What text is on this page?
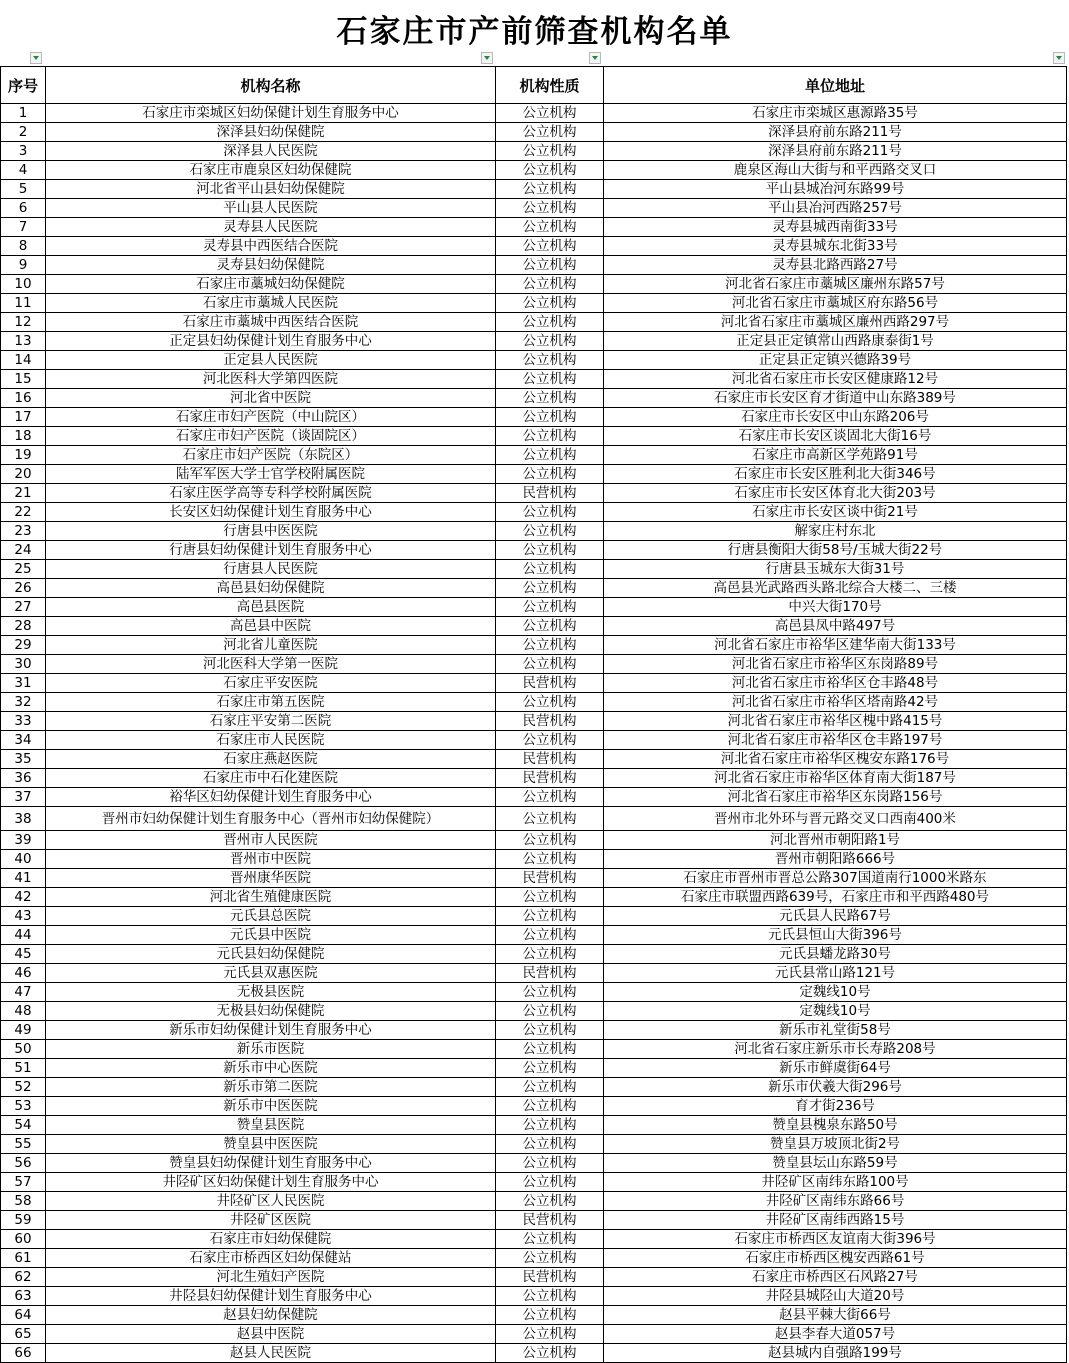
石家庄市产前筛查机构名单
序号	机构名称	机构性质	单位地址
1	石家庄市栾城区妇幼保健计划生育服务中心	公立机构	石家庄市栾城区惠源路35号
2	深泽县妇幼保健院	公立机构	深泽县府前东路211号
3	深泽县人民医院	公立机构	深泽县府前东路211号
4	石家庄市鹿泉区妇幼保健院	公立机构	鹿泉区海山大街与和平西路交叉口
5	河北省平山县妇幼保健院	公立机构	平山县城冶河东路99号
6	平山县人民医院	公立机构	平山县冶河西路257号
7	灵寿县人民医院	公立机构	灵寿县城西南街33号
8	灵寿县中西医结合医院	公立机构	灵寿县城东北街33号
9	灵寿县妇幼保健院	公立机构	灵寿县北路西路27号
10	石家庄市藁城妇幼保健院	公立机构	河北省石家庄市藁城区廉州东路57号
11	石家庄市藁城人民医院	公立机构	河北省石家庄市藁城区府东路56号
12	石家庄市藁城中西医结合医院	公立机构	河北省石家庄市藁城区廉州西路297号
13	正定县妇幼保健计划生育服务中心	公立机构	正定县正定镇常山西路康泰街1号
14	正定县人民医院	公立机构	正定县正定镇兴德路39号
15	河北医科大学第四医院	公立机构	河北省石家庄市长安区健康路12号
16	河北省中医院	公立机构	石家庄市长安区育才街道中山东路389号
17	石家庄市妇产医院（中山院区）	公立机构	石家庄市长安区中山东路206号
18	石家庄市妇产医院（谈固院区）	公立机构	石家庄市长安区谈固北大街16号
19	石家庄市妇产医院（东院区）	公立机构	石家庄市高新区学苑路91号
20	陆军军医大学士官学校附属医院	公立机构	石家庄市长安区胜利北大街346号
21	石家庄医学高等专科学校附属医院	民营机构	石家庄市长安区体育北大街203号
22	长安区妇幼保健计划生育服务中心	公立机构	石家庄市长安区谈中街21号
23	行唐县中医医院	公立机构	解家庄村东北
24	行唐县妇幼保健计划生育服务中心	公立机构	行唐县衡阳大街58号/玉城大街22号
25	行唐县人民医院	公立机构	行唐县玉城东大街31号
26	高邑县妇幼保健院	公立机构	高邑县光武路西头路北综合大楼二、三楼
27	高邑县医院	公立机构	中兴大街170号
28	高邑县中医院	公立机构	高邑县凤中路497号
29	河北省儿童医院	公立机构	河北省石家庄市裕华区建华南大街133号
30	河北医科大学第一医院	公立机构	河北省石家庄市裕华区东岗路89号
31	石家庄平安医院	民营机构	河北省石家庄市裕华区仓丰路48号
32	石家庄市第五医院	公立机构	河北省石家庄市裕华区塔南路42号
33	石家庄平安第二医院	民营机构	河北省石家庄市裕华区槐中路415号
34	石家庄市人民医院	公立机构	河北省石家庄市裕华区仓丰路197号
35	石家庄燕赵医院	民营机构	河北省石家庄市裕华区槐安东路176号
36	石家庄市中石化建医院	民营机构	河北省石家庄市裕华区体育南大街187号
37	裕华区妇幼保健计划生育服务中心	公立机构	河北省石家庄市裕华区东岗路156号
38	晋州市妇幼保健计划生育服务中心（晋州市妇幼保健院）	公立机构	晋州市北外环与晋元路交叉口西南400米
39	晋州市人民医院	公立机构	河北晋州市朝阳路1号
40	晋州市中医院	公立机构	晋州市朝阳路666号
41	晋州康华医院	民营机构	石家庄市晋州市晋总公路307国道南行1000米路东
42	河北省生殖健康医院	公立机构	石家庄市联盟西路639号，石家庄市和平西路480号
43	元氏县总医院	公立机构	元氏县人民路67号
44	元氏县中医院	公立机构	元氏县恒山大街396号
45	元氏县妇幼保健院	公立机构	元氏县蟠龙路30号
46	元氏县双惠医院	民营机构	元氏县常山路121号
47	无极县医院	公立机构	定魏线10号
48	无极县妇幼保健院	公立机构	定魏线10号
49	新乐市妇幼保健计划生育服务中心	公立机构	新乐市礼堂街58号
50	新乐市医院	公立机构	河北省石家庄新乐市长寿路208号
51	新乐市中心医院	公立机构	新乐市鲜虞街64号
52	新乐市第二医院	公立机构	新乐市伏羲大街296号
53	新乐市中医医院	公立机构	育才街236号
54	赞皇县医院	公立机构	赞皇县槐泉东路50号
55	赞皇县中医医院	公立机构	赞皇县万坡顶北街2号
56	赞皇县妇幼保健计划生育服务中心	公立机构	赞皇县坛山东路59号
57	井陉矿区妇幼保健计划生育服务中心	公立机构	井陉矿区南纬东路100号
58	井陉矿区人民医院	公立机构	井陉矿区南纬东路66号
59	井陉矿区医院	民营机构	井陉矿区南纬西路15号
60	石家庄市妇幼保健院	公立机构	石家庄市桥西区友谊南大街396号
61	石家庄市桥西区妇幼保健站	公立机构	石家庄市桥西区槐安西路61号
62	河北生殖妇产医院	民营机构	石家庄市桥西区石风路27号
63	井陉县妇幼保健计划生育服务中心	公立机构	井陉县城陉山大道20号
64	赵县妇幼保健院	公立机构	赵县平棘大街66号
65	赵县中医院	公立机构	赵县李春大道057号
66	赵县人民医院	公立机构	赵县城内自强路199号
